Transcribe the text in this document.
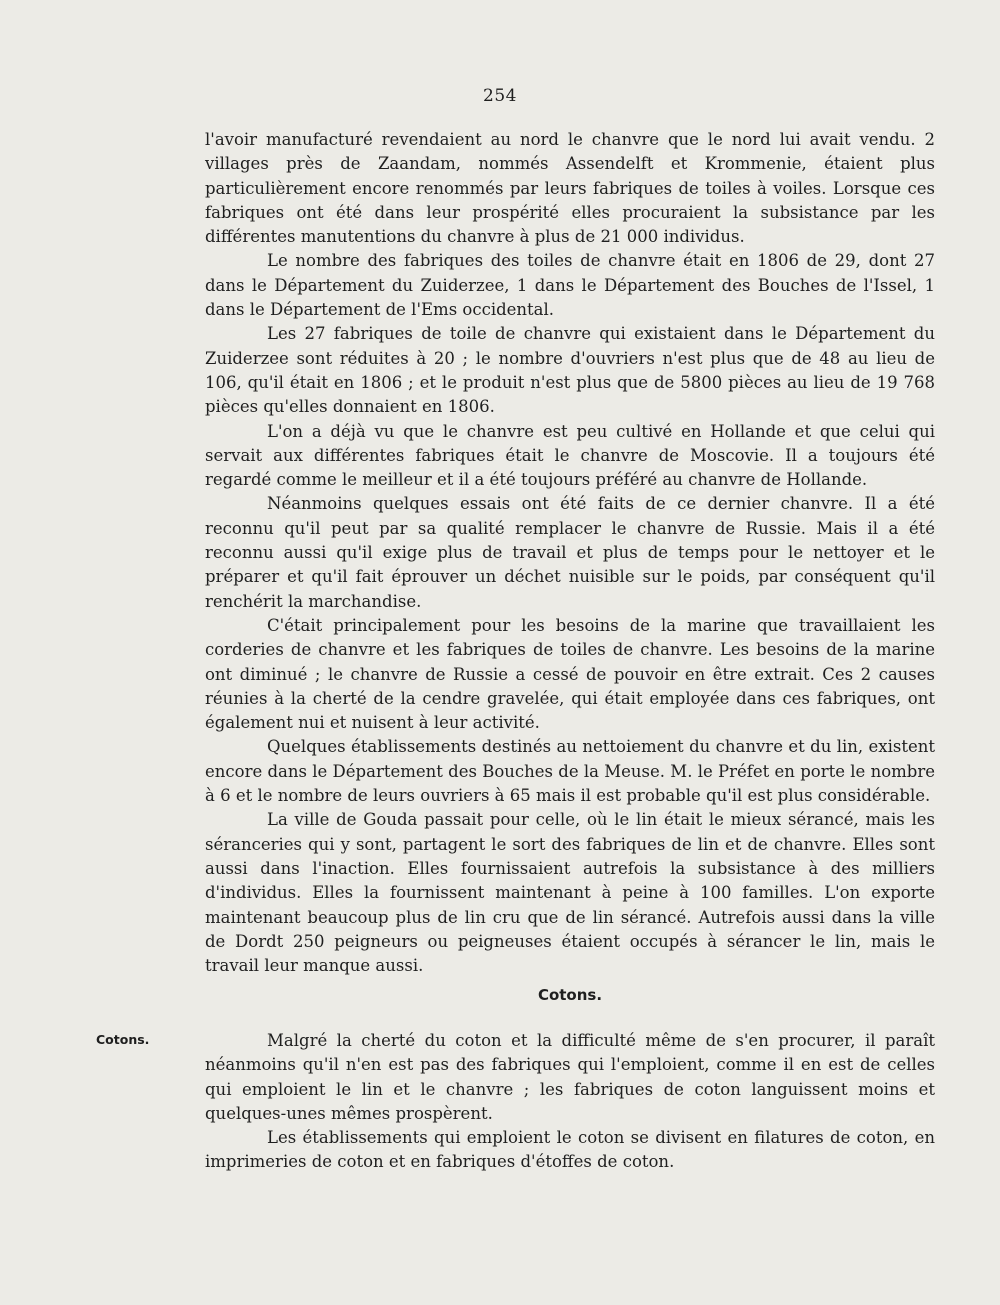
254

l'avoir manufacturé revendaient au nord le chanvre que le nord lui avait vendu. 2 villages près de Zaandam, nommés Assendelft et Krommenie, étaient plus particulièrement encore renommés par leurs fabriques de toiles à voiles. Lorsque ces fabriques ont été dans leur prospérité elles procuraient la subsistance par les différentes manutentions du chanvre à plus de 21 000 individus.

Le nombre des fabriques des toiles de chanvre était en 1806 de 29, dont 27 dans le Département du Zuiderzee, 1 dans le Département des Bouches de l'Issel, 1 dans le Département de l'Ems occidental.

Les 27 fabriques de toile de chanvre qui existaient dans le Département du Zuiderzee sont réduites à 20 ; le nombre d'ouvriers n'est plus que de 48 au lieu de 106, qu'il était en 1806 ; et le produit n'est plus que de 5800 pièces au lieu de 19 768 pièces qu'elles donnaient en 1806.

L'on a déjà vu que le chanvre est peu cultivé en Hollande et que celui qui servait aux différentes fabriques était le chanvre de Moscovie. Il a toujours été regardé comme le meilleur et il a été toujours préféré au chanvre de Hollande.

Néanmoins quelques essais ont été faits de ce dernier chanvre. Il a été reconnu qu'il peut par sa qualité remplacer le chanvre de Russie. Mais il a été reconnu aussi qu'il exige plus de travail et plus de temps pour le nettoyer et le préparer et qu'il fait éprouver un déchet nuisible sur le poids, par conséquent qu'il renchérit la marchandise.

C'était principalement pour les besoins de la marine que travaillaient les corderies de chanvre et les fabriques de toiles de chanvre. Les besoins de la marine ont diminué ; le chanvre de Russie a cessé de pouvoir en être extrait. Ces 2 causes réunies à la cherté de la cendre gravelée, qui était employée dans ces fabriques, ont également nui et nuisent à leur activité.

Quelques établissements destinés au nettoiement du chanvre et du lin, existent encore dans le Département des Bouches de la Meuse. M. le Préfet en porte le nombre à 6 et le nombre de leurs ouvriers à 65 mais il est probable qu'il est plus considérable.

La ville de Gouda passait pour celle, où le lin était le mieux sérancé, mais les séranceries qui y sont, partagent le sort des fabriques de lin et de chanvre. Elles sont aussi dans l'inaction. Elles fournissaient autrefois la subsistance à des milliers d'individus. Elles la fournissent maintenant à peine à 100 familles. L'on exporte maintenant beaucoup plus de lin cru que de lin sérancé. Autrefois aussi dans la ville de Dordt 250 peigneurs ou peigneuses étaient occupés à sérancer le lin, mais le travail leur manque aussi.

Cotons.
Cotons.	Malgré la cherté du coton et la difficulté même de s'en procurer, il paraît néanmoins qu'il n'en est pas des fabriques qui l'emploient, comme il en est de celles qui emploient le lin et le chanvre ; les fabriques de coton languissent moins et quelques-unes mêmes prospèrent.

Les établissements qui emploient le coton se divisent en filatures de coton, en imprimeries de coton et en fabriques d'étoffes de coton.
